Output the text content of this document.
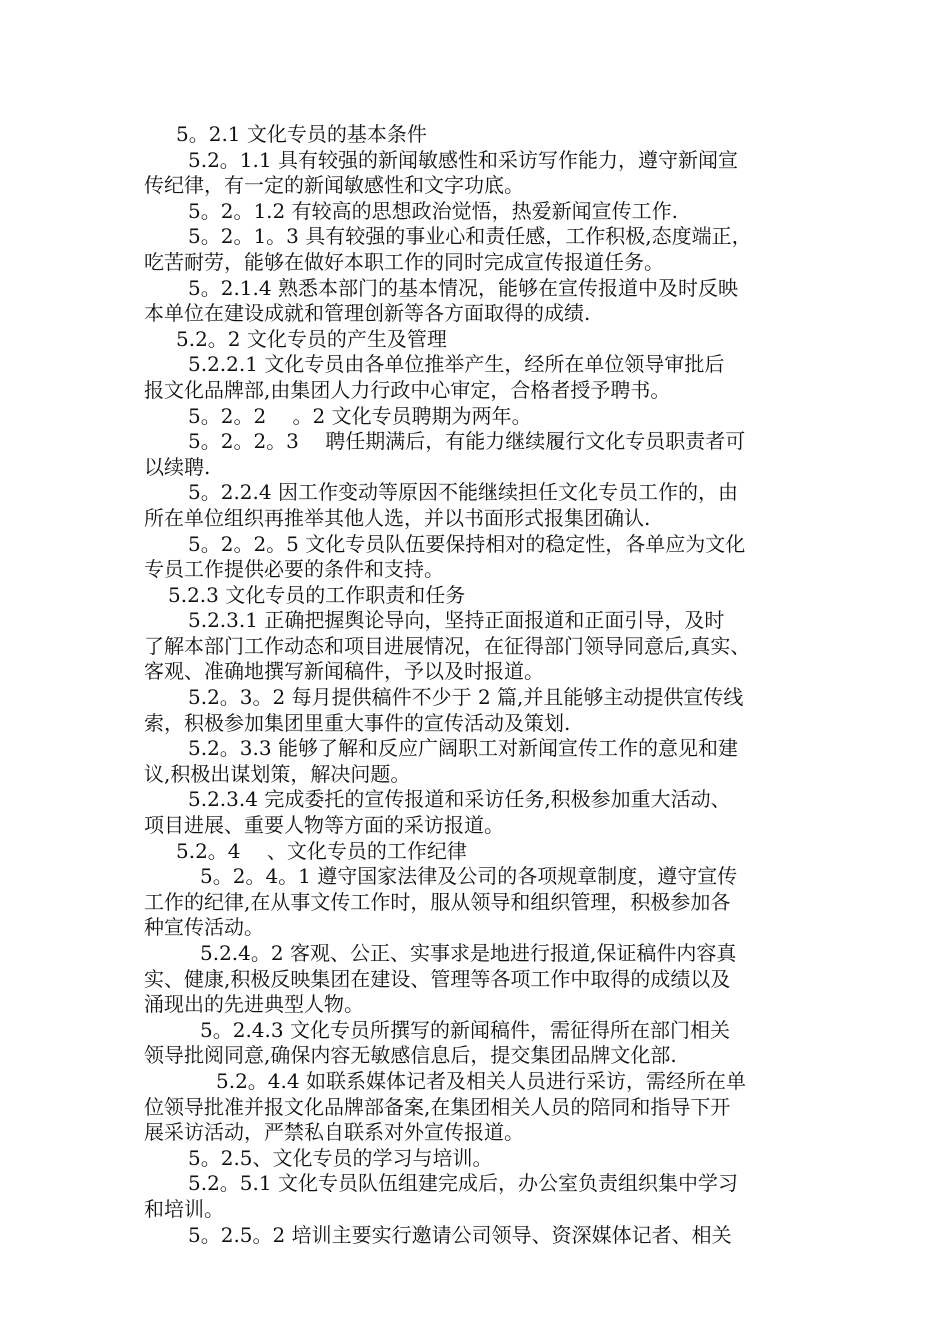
5。2.1 文化专员的基本条件
5.2。1.1 具有较强的新闻敏感性和采访写作能力，遵守新闻宣
传纪律，有一定的新闻敏感性和文字功底。
5。2。1.2 有较高的思想政治觉悟，热爱新闻宣传工作.
5。2。1。3 具有较强的事业心和责任感，工作积极,态度端正，
吃苦耐劳，能够在做好本职工作的同时完成宣传报道任务。
5。2.1.4 熟悉本部门的基本情况，能够在宣传报道中及时反映
本单位在建设成就和管理创新等各方面取得的成绩.
5.2。2 文化专员的产生及管理
5.2.2.1 文化专员由各单位推举产生，经所在单位领导审批后
报文化品牌部,由集团人力行政中心审定，合格者授予聘书。
5。2。2　 。2 文化专员聘期为两年。
5。2。2。3　 聘任期满后，有能力继续履行文化专员职责者可
以续聘.
5。2.2.4 因工作变动等原因不能继续担任文化专员工作的，由
所在单位组织再推举其他人选，并以书面形式报集团确认.
5。2。2。5 文化专员队伍要保持相对的稳定性，各单应为文化
专员工作提供必要的条件和支持。
5.2.3 文化专员的工作职责和任务
5.2.3.1 正确把握舆论导向，坚持正面报道和正面引导，及时
了解本部门工作动态和项目进展情况，在征得部门领导同意后,真实、
客观、准确地撰写新闻稿件，予以及时报道。
5.2。3。2 每月提供稿件不少于 2 篇,并且能够主动提供宣传线
索，积极参加集团里重大事件的宣传活动及策划.
5.2。3.3 能够了解和反应广阔职工对新闻宣传工作的意见和建
议,积极出谋划策，解决问题。
5.2.3.4 完成委托的宣传报道和采访任务,积极参加重大活动、
项目进展、重要人物等方面的采访报道。
5.2。4　 、文化专员的工作纪律
5。2。4。1 遵守国家法律及公司的各项规章制度，遵守宣传
工作的纪律,在从事文传工作时，服从领导和组织管理，积极参加各
种宣传活动。
5.2.4。2 客观、公正、实事求是地进行报道,保证稿件内容真
实、健康,积极反映集团在建设、管理等各项工作中取得的成绩以及
涌现出的先进典型人物。
5。2.4.3 文化专员所撰写的新闻稿件，需征得所在部门相关
领导批阅同意,确保内容无敏感信息后，提交集团品牌文化部.
5.2。4.4 如联系媒体记者及相关人员进行采访，需经所在单
位领导批准并报文化品牌部备案,在集团相关人员的陪同和指导下开
展采访活动，严禁私自联系对外宣传报道。
5。2.5、文化专员的学习与培训。
5.2。5.1 文化专员队伍组建完成后，办公室负责组织集中学习
和培训。
5。2.5。2 培训主要实行邀请公司领导、资深媒体记者、相关
